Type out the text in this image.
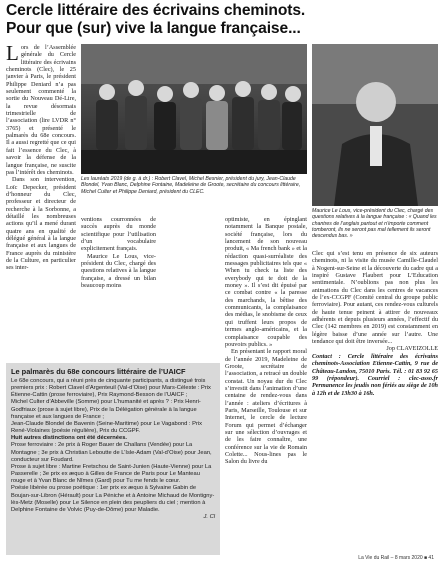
Cercle littéraire des écrivains cheminots.
Pour que (sur) vive la langue française...

Lors de l’Assemblée générale du Cercle littéraire des écrivains cheminots (Clec), le 25 janvier à Paris, le président Philippe Deniard n’a pas seulement commenté la sortie du Nouveau Dé-Lire, la revue désormais trimestrielle de l’association (lire LVDR n° 3765) et présenté le palmarès du 68e concours. Il a aussi regretté que ce qui fait l’essence du Clec, à savoir la défense de la langue française, ne suscite pas l’intérêt des cheminots.

Dans son intervention, Loïc Depecker, président d’honneur du Clec, professeur et directeur de recherche à la Sorbonne, a détaillé les nombreuses actions qu’il a mené durant quatre ans en qualité de délégué général à la langue française et aux langues de France auprès du ministère de la Culture, en particulier ses inter-

Les lauréats 2019 (de g. à dr.) : Robert Clavel, Michel Besnier, président du jury, Jean-Claude Blondel, Yvan Blanc, Delphine Fontaine, Madeleine de Groote, secrétaire du concours littéraire, Michel Culter et Philippe Deniard, président du CLEC.
Maurice Le Lous, vice-président du Clec, chargé des questions relatives à la langue française : « Quand les chantres de l’anglais partout et n’importe comment tomberont, ils ne seront pas mal tellement ils seront descendus bas. »

ventions courronnées de succès auprès du monde scientifique pour l’utilisation d’un vocabulaire explicitement français.

Maurice Le Lous, vice-président du Clec, chargé des questions relatives à la langue française, a dressé un bilan beaucoup moins

optimiste, en épinglant notamment la Banque postale, société française, lors du lancement de son nouveau produit, « Ma french bank » et la rédaction quasi-surréaliste des messages publicitaires tels que « When tu check ta liste des everybody qui te doit de la money ». Il s’est dit épuisé par ce combat contre « la paresse des marchands, la bêtise des communicants, la complaisance des médias, le snobisme de ceux qui truffent leurs propos de termes anglo-américains, et la complaisance coupable des pouvoirs publics. »

En présentant le rapport moral de l’année 2019, Madeleine de Groote, secrétaire de l’association, a retracé un double constat. Un noyau dur du Clec s’investit dans l’animation d’une centaine de rendez-vous dans l’année : ateliers d’écritures à Paris, Marseille, Toulouse et sur Internet, le cercle de lecture Forum qui permet d’échanger sur une sélection d’ouvrages et de les faire connaître, une conférence sur la vie de Romain Colette... Nous-lines pas le Salon du livre du

Clec qui s’est tenu en présence de six auteurs cheminots, ni la visite du musée Camille-Claudel à Nogent-sur-Seine et la découverte du cadre qui a inspiré Gustave Flaubert pour L’Education sentimentale. N’oublions pas non plus les animations du Clec dans les centres de vacances de l’ex-CCGPF (Comité central du groupe public ferroviaire). Pour autant, ces rendez-vous culturels de haute tenue peinent à attirer de nouveaux adhérents et depuis plusieurs années, l’effectif du Clec (142 membres en 2019) est constamment en légère baisse d’une année sur l’autre. Une tendance qui doit être inversée...

Jop CLAVEIZOLLE

Contact : Cercle littéraire des écrivains cheminots-Association Etienne-Cattin, 9 rue de Château-Landon, 75010 Paris. Tél. : 01 83 92 65 99 (répondeur). Courriel : clec-asso.fr Permanence les jeudis non fériés au siège de 10h à 12h et de 13h30 à 16h.

Le palmarès du 68e concours littéraire de l’UAICF

Le 68e concours, qui a réuni près de cinquante participants, a distingué trois premiers prix : Robert Clavel d’Argenteuil (Val-d’Oise) pour Mars-Céleste : Prix Étienne-Cattin (prose ferroviaire), Prix Raymond-Besson de l’UAICF ;

Michel Culter d’Abbeville (Somme) pour L’humanité et après ? : Prix Henri-Godfriaux (prose à sujet libre), Prix de la Délégation générale à la langue française et aux langues de France ;

Jean-Claude Blondel de Bavenin (Seine-Maritime) pour Le Vagabond : Prix René-Violaines (poésie régulière), Prix du CCGPF.

Huit autres distinctions ont été décernées.

Prose ferroviaire : 2e prix à Roger Bauer de Challans (Vendée) pour La Montagne ; 3e prix à Christian Leboutte de L’Isle-Adam (Val-d’Oise) pour Jean, conducteur sur Foudard.

Prose à sujet libre : Martine Fretschou de Saint-Junien (Haute-Vienne) pour La Passerelle ; 3e prix ex æquo à Gilles de France de Paris pour Le Manteau rouge et à Yvan Blanc de Nîmes (Gard) pour Tu me fends le cœur.

Poésie libérée ou prose poétique : 1er prix ex æquo à Sylvaine Gabin de Boujan-sur-Libron (Hérault) pour La Péniche et à Antoine Michaud de Montigny-lès-Metz (Moselle) pour Le Silence en plein des peupliers du ciel ; mention à Delphine Fontaine de Volvic (Puy-de-Dôme) pour Maladie.

J. Cl

La Vie du Rail – 8 mars 2020 ■ 41
